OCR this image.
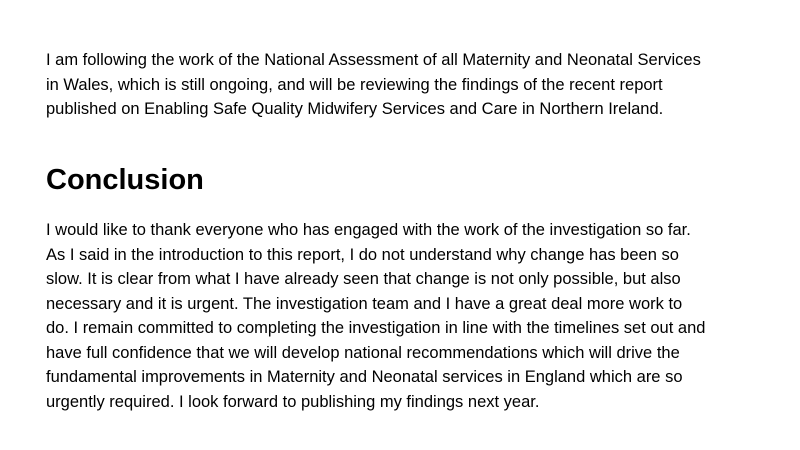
I am following the work of the National Assessment of all Maternity and Neonatal Services
in Wales, which is still ongoing, and will be reviewing the findings of the recent report
published on Enabling Safe Quality Midwifery Services and Care in Northern Ireland.

Conclusion

I would like to thank everyone who has engaged with the work of the investigation so far.
As I said in the introduction to this report, I do not understand why change has been so
slow. It is clear from what I have already seen that change is not only possible, but also
necessary and it is urgent. The investigation team and I have a great deal more work to
do. I remain committed to completing the investigation in line with the timelines set out and
have full confidence that we will develop national recommendations which will drive the
fundamental improvements in Maternity and Neonatal services in England which are so
urgently required. I look forward to publishing my findings next year.
